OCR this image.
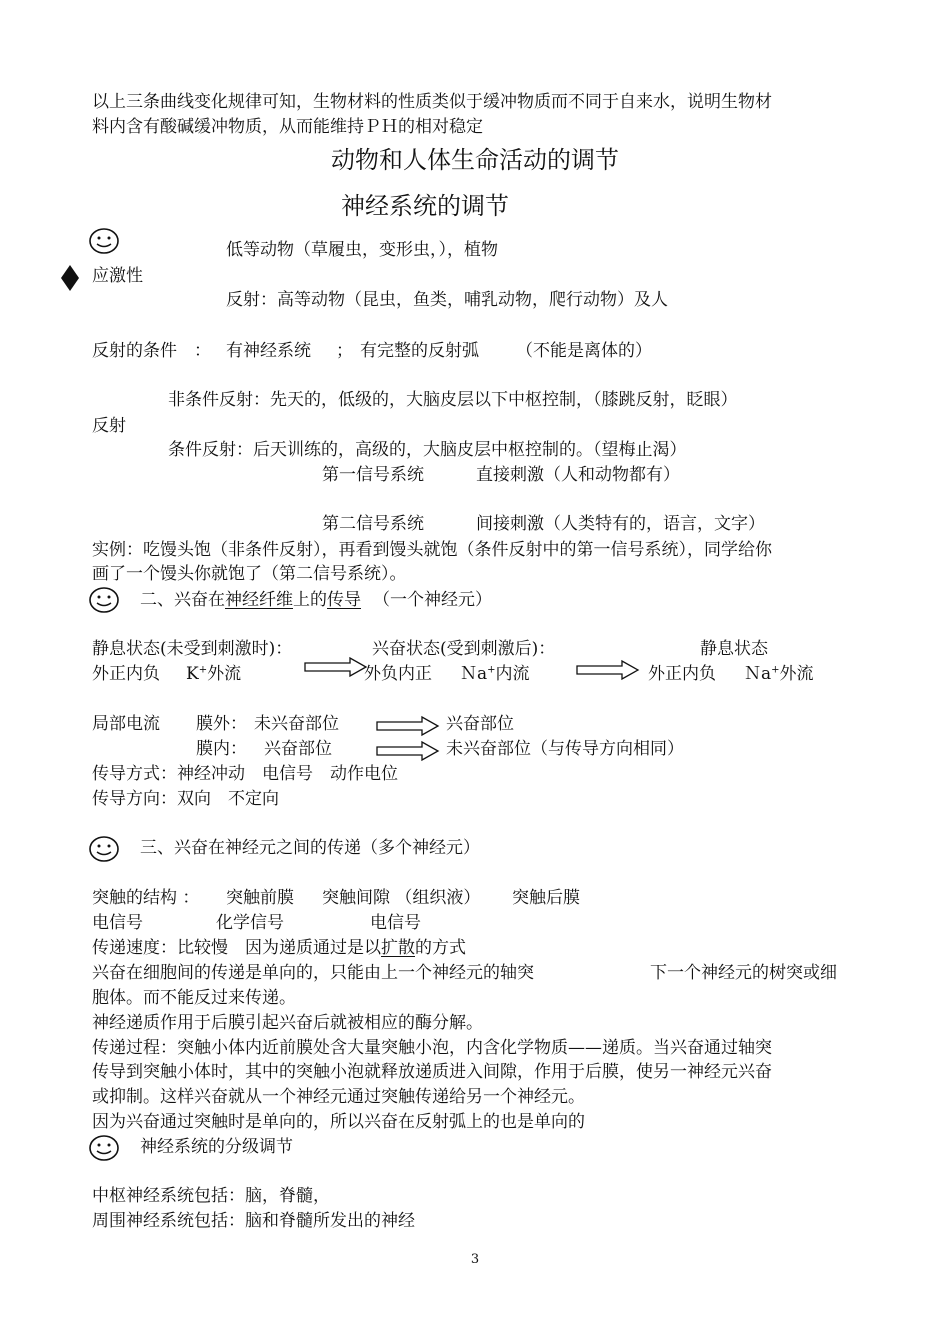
以上三条曲线变化规律可知，生物材料的性质类似于缓冲物质而不同于自来水，说明生物材
料内含有酸碱缓冲物质，从而能维持ＰＨ的相对稳定
动物和人体生命活动的调节
神经系统的调节
低等动物（草履虫，变形虫，），植物
应激性
反射：高等动物（昆虫，鱼类，哺乳动物，爬行动物）及人
反射的条件　： 有神经系统 ； 有完整的反射弧 （不能是离体的）
非条件反射：先天的，低级的，大脑皮层以下中枢控制，（膝跳反射，眨眼）
反射
条件反射：后天训练的，高级的，大脑皮层中枢控制的。（望梅止渴）
第一信号系统	直接刺激（人和动物都有）
第二信号系统	间接刺激（人类特有的，语言，文字）
实例：吃馒头饱（非条件反射），再看到馒头就饱（条件反射中的第一信号系统），同学给你
画了一个馒头你就饱了（第二信号系统）。
二、兴奋在神经纤维上的传导 （一个神经元）
静息状态(未受到刺激时)：	兴奋状态(受到刺激后)：	静息状态
外正内负 K+外流	外负内正 Ｎa+内流	外正内负 Ｎa+外流
局部电流 膜外： 未兴奋部位	兴奋部位
膜内： 兴奋部位	未兴奋部位（与传导方向相同）
传导方式：神经冲动　电信号　动作电位
传导方向：双向　不定向
三、兴奋在神经元之间的传递（多个神经元）
突触的结构 ： 突触前膜 突触间隙 （组织液） 突触后膜
电信号	化学信号	电信号
传递速度：比较慢　因为递质通过是以扩散的方式
兴奋在细胞间的传递是单向的，只能由上一个神经元的轴突	下一个神经元的树突或细
胞体。而不能反过来传递。
神经递质作用于后膜引起兴奋后就被相应的酶分解。
传递过程：突触小体内近前膜处含大量突触小泡，内含化学物质——递质。当兴奋通过轴突
传导到突触小体时，其中的突触小泡就释放递质进入间隙，作用于后膜，使另一神经元兴奋
或抑制。这样兴奋就从一个神经元通过突触传递给另一个神经元。
因为兴奋通过突触时是单向的，所以兴奋在反射弧上的也是单向的
神经系统的分级调节
中枢神经系统包括：脑，脊髓，
周围神经系统包括：脑和脊髓所发出的神经
3
